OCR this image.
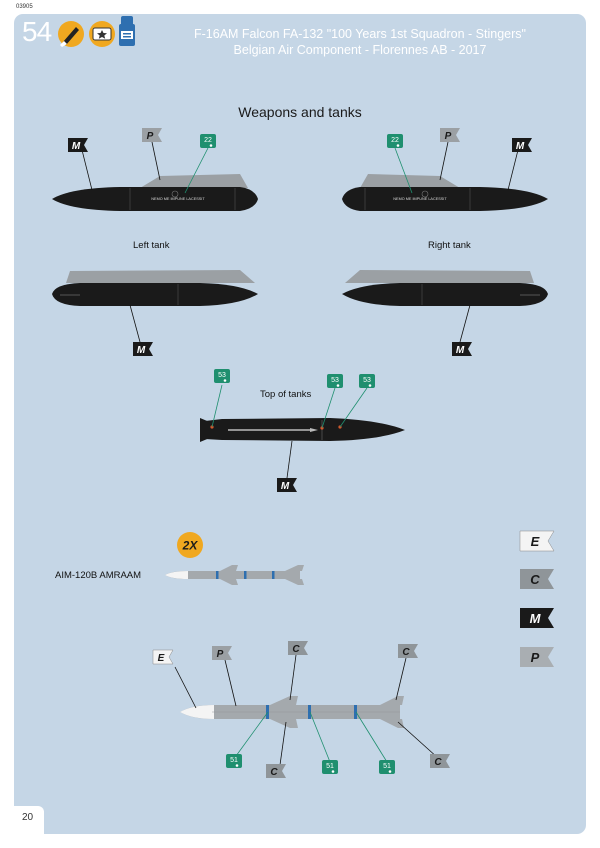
03905
54	F-16AM Falcon FA-132 "100 Years 1st Squadron - Stingers"
Belgian Air Component - Florennes AB - 2017
Weapons and tanks
Left tank	Right tank
Top of tanks
AIM-120B AMRAAM
NEMO ME IMPUNE LACESSIT	NEMO ME IMPUNE LACESSIT
2X
M	M
M	M
M
P	P
P
E
C	C
C
C
22	22
53
53	53
51
51	51
E
C
M
P
20
